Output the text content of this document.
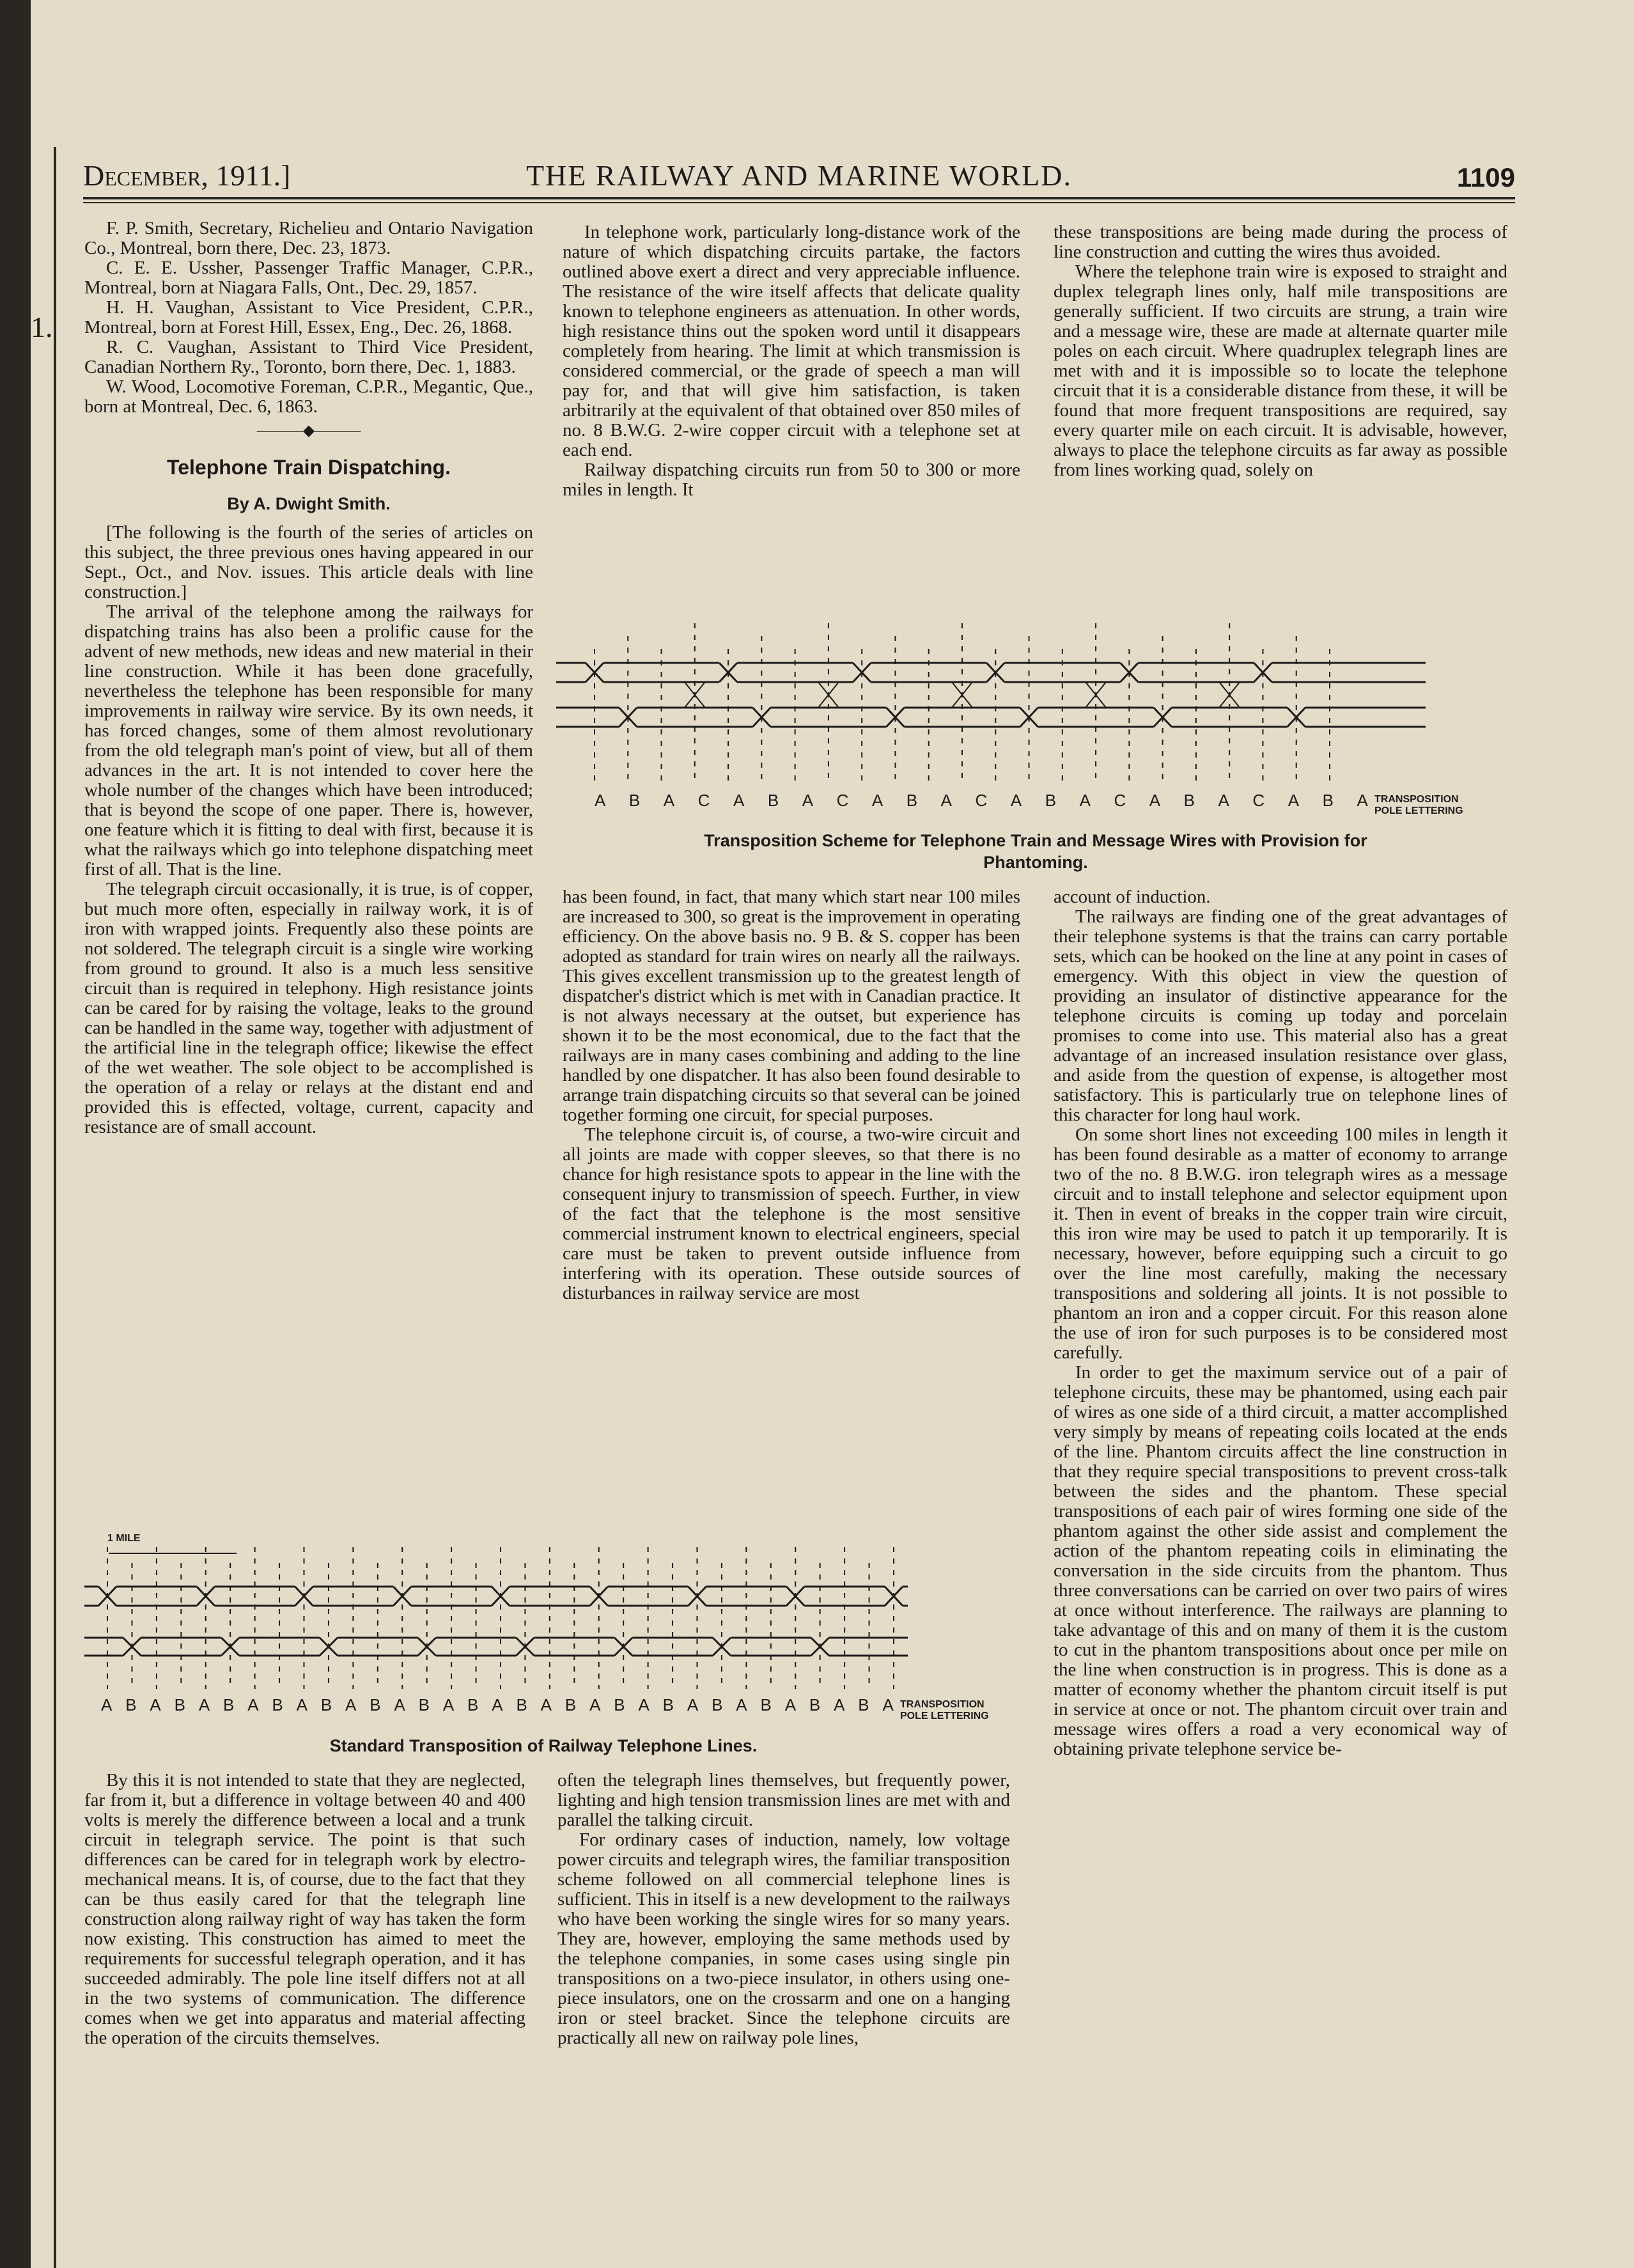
1.
December, 1911.]	THE RAILWAY AND MARINE WORLD.	1109

F. P. Smith, Secretary, Richelieu and Ontario Navigation Co., Montreal, born there, Dec. 23, 1873.

C. E. E. Ussher, Passenger Traffic Manager, C.P.R., Montreal, born at Niagara Falls, Ont., Dec. 29, 1857.

H. H. Vaughan, Assistant to Vice President, C.P.R., Montreal, born at Forest Hill, Essex, Eng., Dec. 26, 1868.

R. C. Vaughan, Assistant to Third Vice President, Canadian Northern Ry., Toronto, born there, Dec. 1, 1883.

W. Wood, Locomotive Foreman, C.P.R., Megantic, Que., born at Montreal, Dec. 6, 1863.

———◆———
Telephone Train Dispatching.
By A. Dwight Smith.

[The following is the fourth of the series of articles on this subject, the three previous ones having appeared in our Sept., Oct., and Nov. issues. This article deals with line construction.]

The arrival of the telephone among the railways for dispatching trains has also been a prolific cause for the advent of new methods, new ideas and new material in their line construction. While it has been done gracefully, nevertheless the telephone has been responsible for many improvements in railway wire service. By its own needs, it has forced changes, some of them almost revolutionary from the old telegraph man's point of view, but all of them advances in the art. It is not intended to cover here the whole number of the changes which have been introduced; that is beyond the scope of one paper. There is, however, one feature which it is fitting to deal with first, because it is what the railways which go into telephone dispatching meet first of all. That is the line.

The telegraph circuit occasionally, it is true, is of copper, but much more often, especially in railway work, it is of iron with wrapped joints. Frequently also these points are not soldered. The telegraph circuit is a single wire working from ground to ground. It also is a much less sensitive circuit than is required in telephony. High resistance joints can be cared for by raising the voltage, leaks to the ground can be handled in the same way, together with adjustment of the artificial line in the telegraph office; likewise the effect of the wet weather. The sole object to be accomplished is the operation of a relay or relays at the distant end and provided this is effected, voltage, current, capacity and resistance are of small account.

In telephone work, particularly long-distance work of the nature of which dispatching circuits partake, the factors outlined above exert a direct and very appreciable influence. The resistance of the wire itself affects that delicate quality known to telephone engineers as attenuation. In other words, high resistance thins out the spoken word until it disappears completely from hearing. The limit at which transmission is considered commercial, or the grade of speech a man will pay for, and that will give him satisfaction, is taken arbitrarily at the equivalent of that obtained over 850 miles of no. 8 B.W.G. 2-wire copper circuit with a telephone set at each end.

Railway dispatching circuits run from 50 to 300 or more miles in length. It

these transpositions are being made during the process of line construction and cutting the wires thus avoided.

Where the telephone train wire is exposed to straight and duplex telegraph lines only, half mile transpositions are generally sufficient. If two circuits are strung, a train wire and a message wire, these are made at alternate quarter mile poles on each circuit. Where quadruplex telegraph lines are met with and it is impossible so to locate the telephone circuit that it is a considerable distance from these, it will be found that more frequent transpositions are required, say every quarter mile on each circuit. It is advisable, however, always to place the telephone circuits as far away as possible from lines working quad, solely on

A B A C A B A C A B A C A B A C A B A C A B A TRANSPOSITION
POLE LETTERING
Transposition Scheme for Telephone Train and Message Wires with Provision for
Phantoming.

has been found, in fact, that many which start near 100 miles are increased to 300, so great is the improvement in operating efficiency. On the above basis no. 9 B. & S. copper has been adopted as standard for train wires on nearly all the railways. This gives excellent transmission up to the greatest length of dispatcher's district which is met with in Canadian practice. It is not always necessary at the outset, but experience has shown it to be the most economical, due to the fact that the railways are in many cases combining and adding to the line handled by one dispatcher. It has also been found desirable to arrange train dispatching circuits so that several can be joined together forming one circuit, for special purposes.

The telephone circuit is, of course, a two-wire circuit and all joints are made with copper sleeves, so that there is no chance for high resistance spots to appear in the line with the consequent injury to transmission of speech. Further, in view of the fact that the telephone is the most sensitive commercial instrument known to electrical engineers, special care must be taken to prevent outside influence from interfering with its operation. These outside sources of disturbances in railway service are most

account of induction.

The railways are finding one of the great advantages of their telephone systems is that the trains can carry portable sets, which can be hooked on the line at any point in cases of emergency. With this object in view the question of providing an insulator of distinctive appearance for the telephone circuits is coming up today and porcelain promises to come into use. This material also has a great advantage of an increased insulation resistance over glass, and aside from the question of expense, is altogether most satisfactory. This is particularly true on telephone lines of this character for long haul work.

On some short lines not exceeding 100 miles in length it has been found desirable as a matter of economy to arrange two of the no. 8 B.W.G. iron telegraph wires as a message circuit and to install telephone and selector equipment upon it. Then in event of breaks in the copper train wire circuit, this iron wire may be used to patch it up temporarily. It is necessary, however, before equipping such a circuit to go over the line most carefully, making the necessary transpositions and soldering all joints. It is not possible to phantom an iron and a copper circuit. For this reason alone the use of iron for such purposes is to be considered most carefully.

In order to get the maximum service out of a pair of telephone circuits, these may be phantomed, using each pair of wires as one side of a third circuit, a matter accomplished very simply by means of repeating coils located at the ends of the line. Phantom circuits affect the line construction in that they require special transpositions to prevent cross-talk between the sides and the phantom. These special transpositions of each pair of wires forming one side of the phantom against the other side assist and complement the action of the phantom repeating coils in eliminating the conversation in the side circuits from the phantom. Thus three conversations can be carried on over two pairs of wires at once without interference. The railways are planning to take advantage of this and on many of them it is the custom to cut in the phantom transpositions about once per mile on the line when construction is in progress. This is done as a matter of economy whether the phantom circuit itself is put in service at once or not. The phantom circuit over train and message wires offers a road a very economical way of obtaining private telephone service be-

1 MILE
A B A B A B A B A B A B A B A B A B A B A B A B A B A B A B A B A TRANSPOSITION
POLE LETTERING
Standard Transposition of Railway Telephone Lines.

By this it is not intended to state that they are neglected, far from it, but a difference in voltage between 40 and 400 volts is merely the difference between a local and a trunk circuit in telegraph service. The point is that such differences can be cared for in telegraph work by electro-mechanical means. It is, of course, due to the fact that they can be thus easily cared for that the telegraph line construction along railway right of way has taken the form now existing. This construction has aimed to meet the requirements for successful telegraph operation, and it has succeeded admirably. The pole line itself differs not at all in the two systems of communication. The difference comes when we get into apparatus and material affecting the operation of the circuits themselves.

often the telegraph lines themselves, but frequently power, lighting and high tension transmission lines are met with and parallel the talking circuit.

For ordinary cases of induction, namely, low voltage power circuits and telegraph wires, the familiar transposition scheme followed on all commercial telephone lines is sufficient. This in itself is a new development to the railways who have been working the single wires for so many years. They are, however, employing the same methods used by the telephone companies, in some cases using single pin transpositions on a two-piece insulator, in others using one-piece insulators, one on the crossarm and one on a hanging iron or steel bracket. Since the telephone circuits are practically all new on railway pole lines,
